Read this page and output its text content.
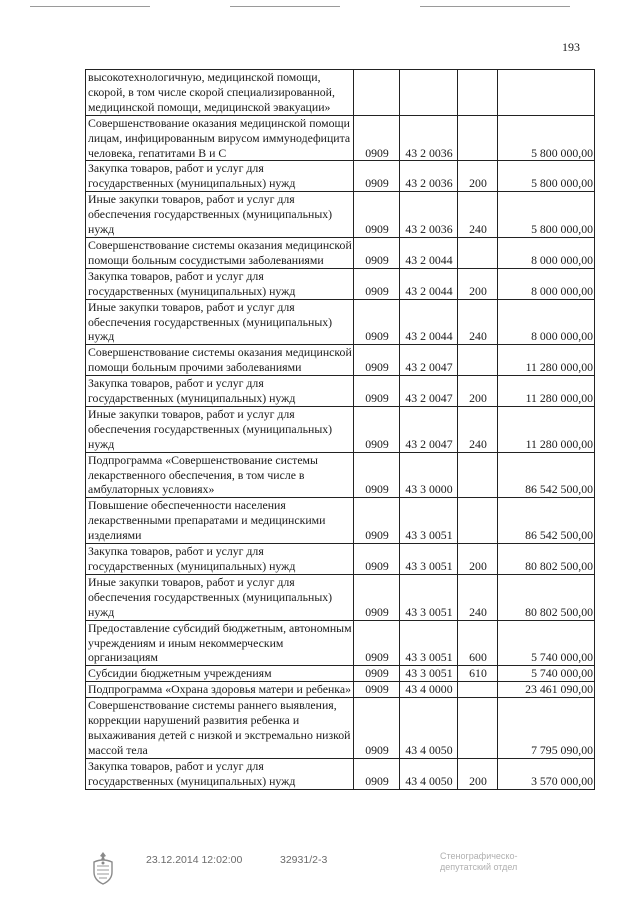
193
высокотехнологичную, медицинской помощи, скорой, в том числе скорой специализированной, медицинской помощи, медицинской эвакуации»				
Совершенствование оказания медицинской помощи лицам, инфицированным вирусом иммунодефицита человека, гепатитами В и С	0909	43 2 0036		5 800 000,00
Закупка товаров, работ и услуг для государственных (муниципальных) нужд	0909	43 2 0036	200	5 800 000,00
Иные закупки товаров, работ и услуг для обеспечения государственных (муниципальных) нужд	0909	43 2 0036	240	5 800 000,00
Совершенствование системы оказания медицинской помощи больным сосудистыми заболеваниями	0909	43 2 0044		8 000 000,00
Закупка товаров, работ и услуг для государственных (муниципальных) нужд	0909	43 2 0044	200	8 000 000,00
Иные закупки товаров, работ и услуг для обеспечения государственных (муниципальных) нужд	0909	43 2 0044	240	8 000 000,00
Совершенствование системы оказания медицинской помощи больным прочими заболеваниями	0909	43 2 0047		11 280 000,00
Закупка товаров, работ и услуг для государственных (муниципальных) нужд	0909	43 2 0047	200	11 280 000,00
Иные закупки товаров, работ и услуг для обеспечения государственных (муниципальных) нужд	0909	43 2 0047	240	11 280 000,00
Подпрограмма «Совершенствование системы лекарственного обеспечения, в том числе в амбулаторных условиях»	0909	43 3 0000		86 542 500,00
Повышение обеспеченности населения лекарственными препаратами и медицинскими изделиями	0909	43 3 0051		86 542 500,00
Закупка товаров, работ и услуг для государственных (муниципальных) нужд	0909	43 3 0051	200	80 802 500,00
Иные закупки товаров, работ и услуг для обеспечения государственных (муниципальных) нужд	0909	43 3 0051	240	80 802 500,00
Предоставление субсидий бюджетным, автономным учреждениям и иным некоммерческим организациям	0909	43 3 0051	600	5 740 000,00
Субсидии бюджетным учреждениям	0909	43 3 0051	610	5 740 000,00
Подпрограмма «Охрана здоровья матери и ребенка»	0909	43 4 0000		23 461 090,00
Совершенствование системы раннего выявления, коррекции нарушений развития ребенка и выхаживания детей с низкой и экстремально низкой массой тела	0909	43 4 0050		7 795 090,00
Закупка товаров, работ и услуг для государственных (муниципальных) нужд	0909	43 4 0050	200	3 570 000,00
23.12.2014 12:02:00	32931/2-3	Стенографическо-депутатский отдел
